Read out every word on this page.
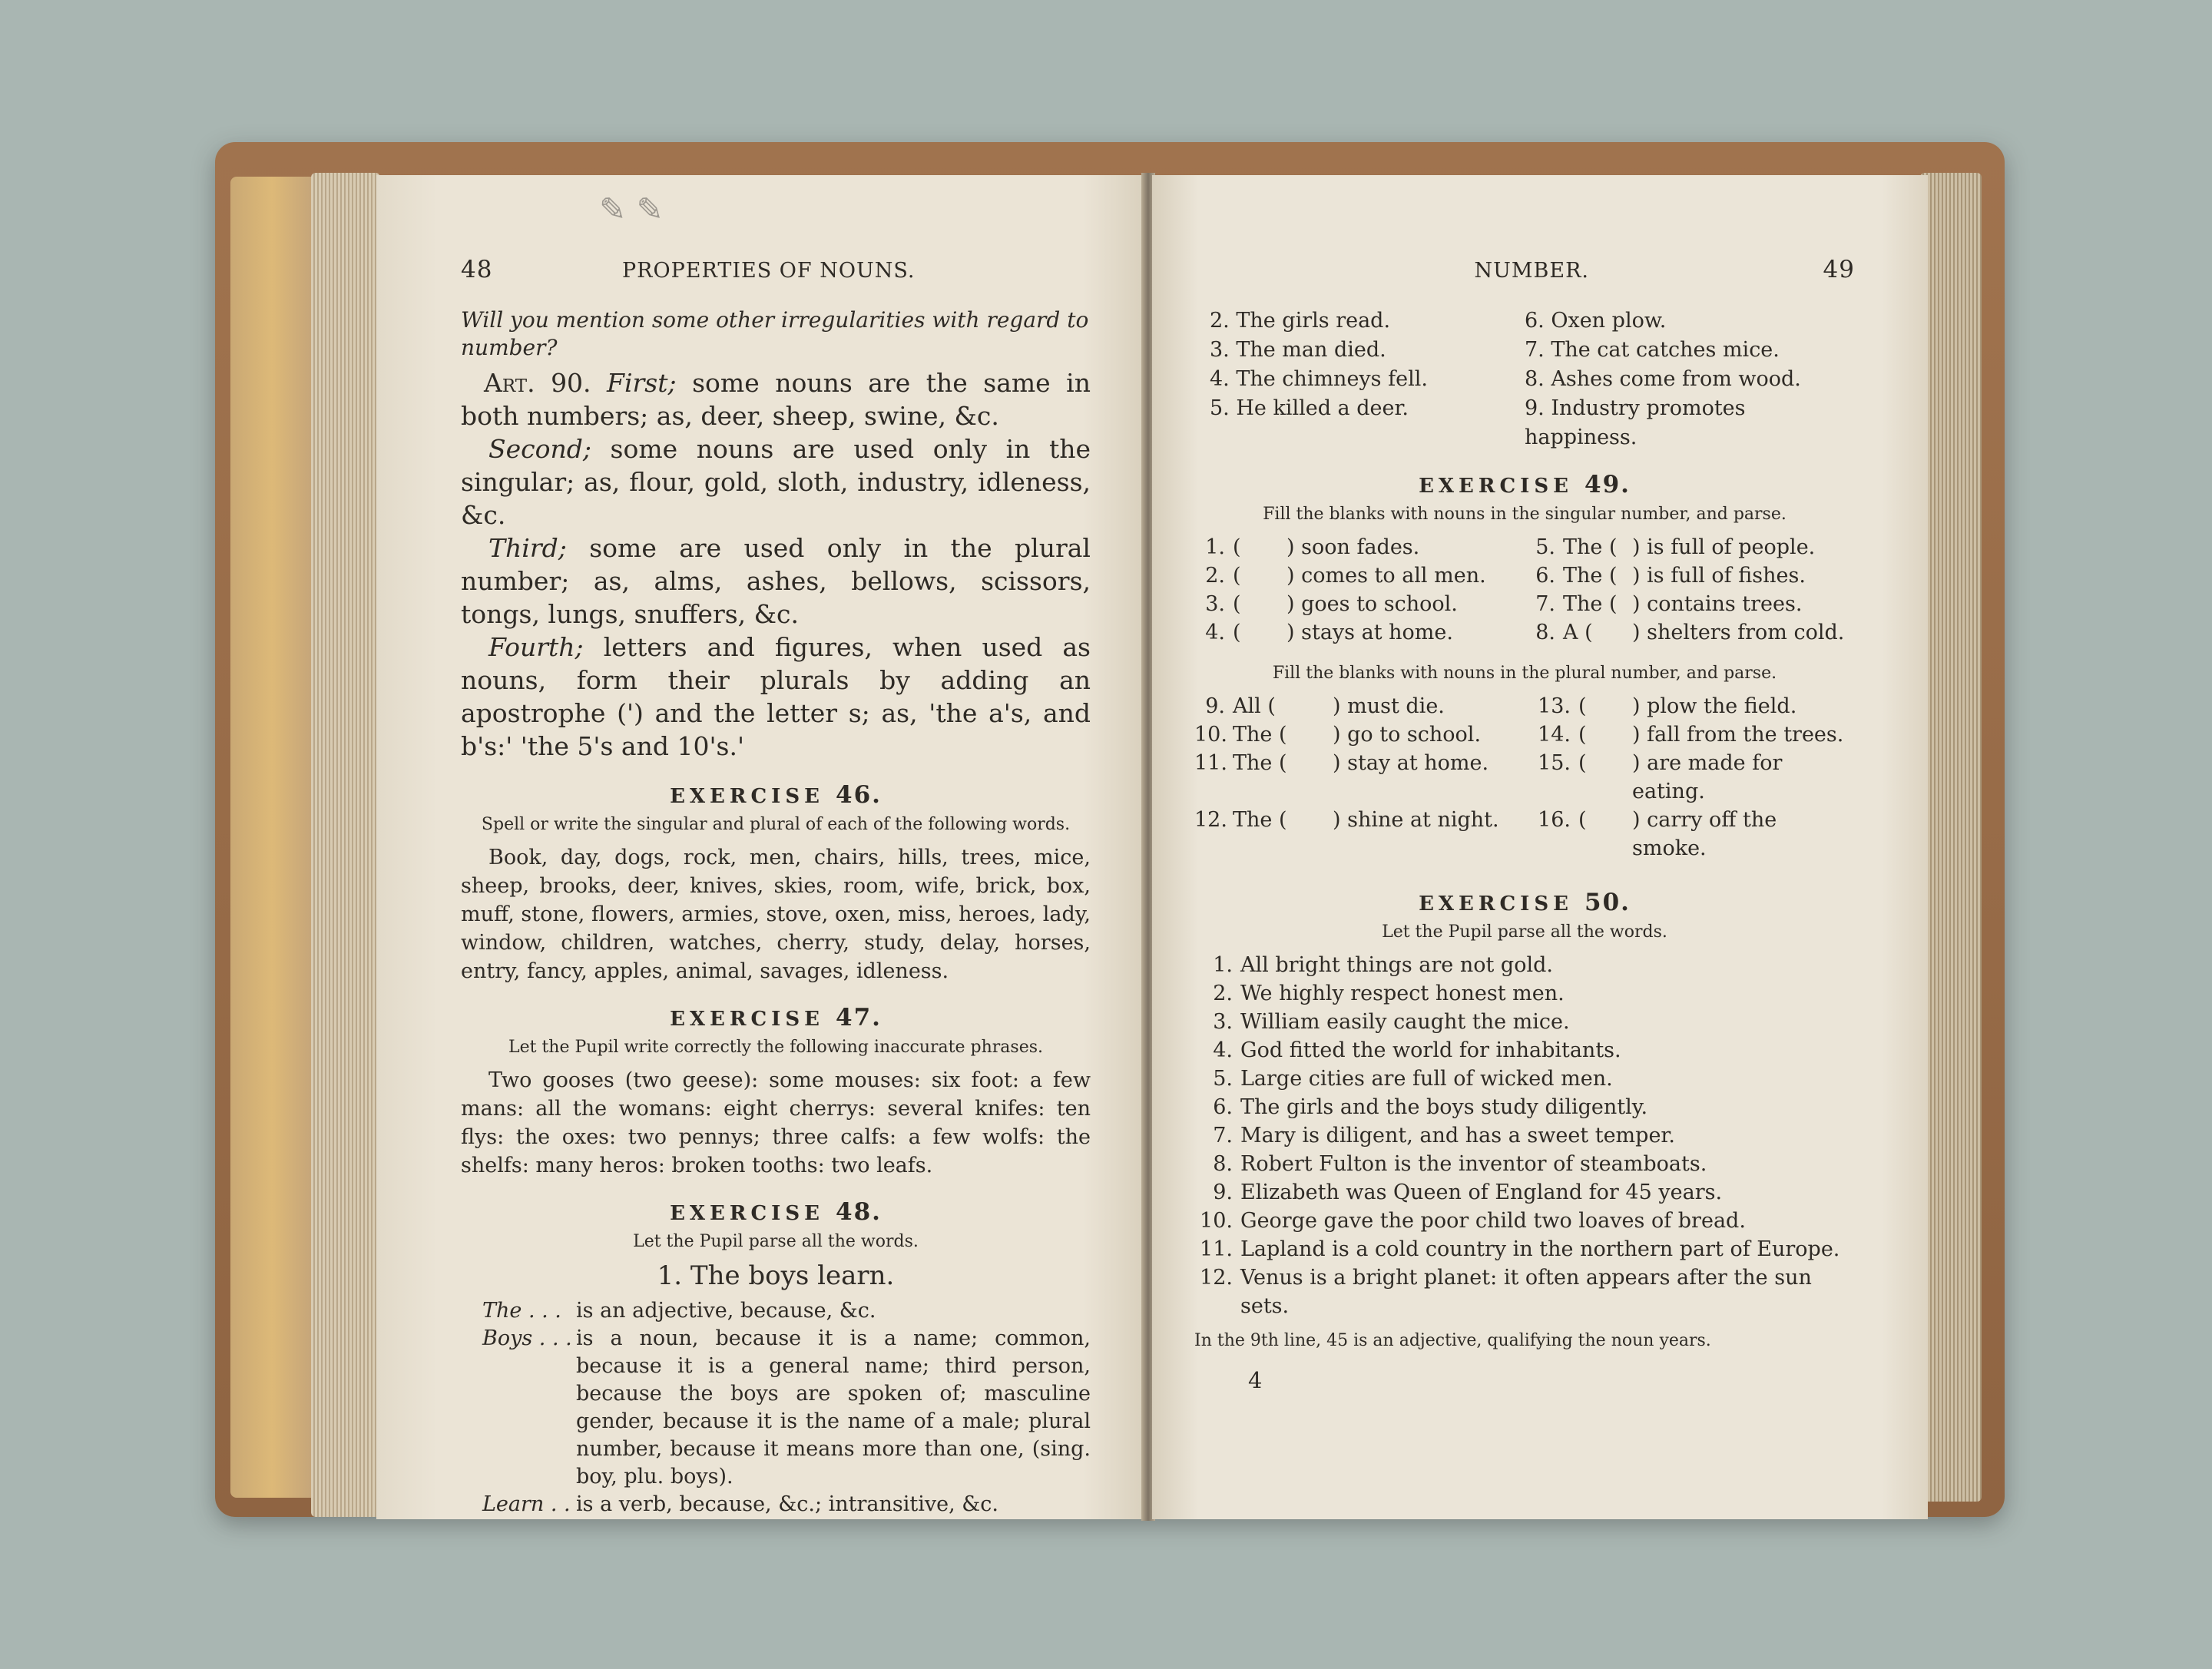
✎ ✎
48	PROPERTIES OF NOUNS.

Will you mention some other irregularities with regard to number?

Art. 90. First; some nouns are the same in both numbers; as, deer, sheep, swine, &c.

Second; some nouns are used only in the singular; as, flour, gold, sloth, industry, idleness, &c.

Third; some are used only in the plural number; as, alms, ashes, bellows, scissors, tongs, lungs, snuffers, &c.

Fourth; letters and figures, when used as nouns, form their plurals by adding an apostrophe (') and the letter s; as, 'the a's, and b's:' 'the 5's and 10's.'

EXERCISE 46.

Spell or write the singular and plural of each of the following words.

Book, day, dogs, rock, men, chairs, hills, trees, mice, sheep, brooks, deer, knives, skies, room, wife, brick, box, muff, stone, flowers, armies, stove, oxen, miss, heroes, lady, window, children, watches, cherry, study, delay, horses, entry, fancy, apples, animal, savages, idleness.

EXERCISE 47.

Let the Pupil write correctly the following inaccurate phrases.

Two gooses (two geese): some mouses: six foot: a few mans: all the womans: eight cherrys: several knifes: ten flys: the oxes: two pennys; three calfs: a few wolfs: the shelfs: many heros: broken tooths: two leafs.

EXERCISE 48.

Let the Pupil parse all the words.

1. The boys learn.

The . . . is an adjective, because, &c.
Boys . . . is a noun, because it is a name; common, because it is a general name; third person, because the boys are spoken of; masculine gender, because it is the name of a male; plural number, because it means more than one, (sing. boy, plu. boys).
Learn . . is a verb, because, &c.; intransitive, &c.
NUMBER.	49
2. The girls read.
3. The man died.
4. The chimneys fell.
5. He killed a deer.
6. Oxen plow.
7. The cat catches mice.
8. Ashes come from wood.
9. Industry promotes happiness.
EXERCISE 49.

Fill the blanks with nouns in the singular number, and parse.

1. (	) soon fades.	5. The ( ) is full of people.
2. (	) comes to all men.	6. The ( ) is full of fishes.
3. (	) goes to school.	7. The ( ) contains trees.
4. (	) stays at home.	8. A (	) shelters from cold.

Fill the blanks with nouns in the plural number, and parse.

9. All (	) must die.	13. (	) plow the field.
10. The (	) go to school.	14. (	) fall from the trees.
11. The (	) stay at home.	15. (	) are made for eating.
12. The (	) shine at night.	16. (	) carry off the smoke.
EXERCISE 50.

Let the Pupil parse all the words.

1. All bright things are not gold.
2. We highly respect honest men.
3. William easily caught the mice.
4. God fitted the world for inhabitants.
5. Large cities are full of wicked men.
6. The girls and the boys study diligently.
7. Mary is diligent, and has a sweet temper.
8. Robert Fulton is the inventor of steamboats.
9. Elizabeth was Queen of England for 45 years.
10. George gave the poor child two loaves of bread.
11. Lapland is a cold country in the northern part of Europe.
12. Venus is a bright planet: it often appears after the sun sets.

In the 9th line, 45 is an adjective, qualifying the noun years.

4
